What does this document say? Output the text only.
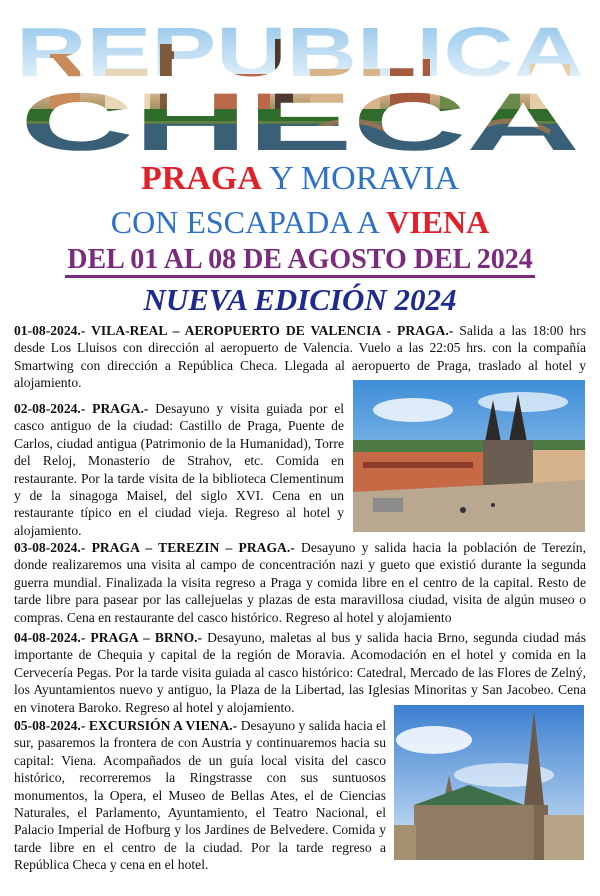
REPUBLICA
CHECA
PRAGA Y MORAVIA
CON ESCAPADA A VIENA
DEL 01 AL 08 DE AGOSTO DEL 2024
NUEVA EDICIÓN 2024
01-08-2024.- VILA-REAL – AEROPUERTO DE VALENCIA - PRAGA.- Salida a las 18:00 hrs desde Los Lluisos con dirección al aeropuerto de Valencia. Vuelo a las 22:05 hrs. con la compañía Smartwing con dirección a República Checa. Llegada al aeropuerto de Praga, traslado al hotel y alojamiento.
02-08-2024.- PRAGA.- Desayuno y visita guiada por el casco antiguo de la ciudad: Castillo de Praga, Puente de Carlos, ciudad antigua (Patrimonio de la Humanidad), Torre del Reloj, Monasterio de Strahov, etc. Comida en restaurante. Por la tarde visita de la biblioteca Clementinum y de la sinagoga Maisel, del siglo XVI. Cena en un restaurante típico en el ciudad vieja. Regreso al hotel y alojamiento.
03-08-2024.- PRAGA – TEREZIN – PRAGA.- Desayuno y salida hacia la población de Terezín, donde realizaremos una visita al campo de concentración nazi y gueto que existió durante la segunda guerra mundial. Finalizada la visita regreso a Praga y comida libre en el centro de la capital. Resto de tarde libre para pasear por las callejuelas y plazas de esta maravillosa ciudad, visita de algún museo o compras. Cena en restaurante del casco histórico. Regreso al hotel y alojamiento
04-08-2024.- PRAGA – BRNO.- Desayuno, maletas al bus y salida hacia Brno, segunda ciudad más importante de Chequia y capital de la región de Moravia. Acomodación en el hotel y comida en la Cervecería Pegas. Por la tarde visita guiada al casco histórico: Catedral, Mercado de las Flores de Zelný, los Ayuntamientos nuevo y antiguo, la Plaza de la Libertad, las Iglesias Minoritas y San Jacobeo. Cena en vinotera Baroko. Regreso al hotel y alojamiento.
05-08-2024.- EXCURSIÓN A VIENA.- Desayuno y salida hacia el sur, pasaremos la frontera de con Austria y continuaremos hacia su capital: Viena. Acompañados de un guía local visita del casco histórico, recorreremos la Ringstrasse con sus suntuosos monumentos, la Opera, el Museo de Bellas Ates, el de Ciencias Naturales, el Parlamento, Ayuntamiento, el Teatro Nacional, el Palacio Imperial de Hofburg y los Jardines de Belvedere. Comida y tarde libre en el centro de la ciudad. Por la tarde regreso a República Checa y cena en el hotel.
